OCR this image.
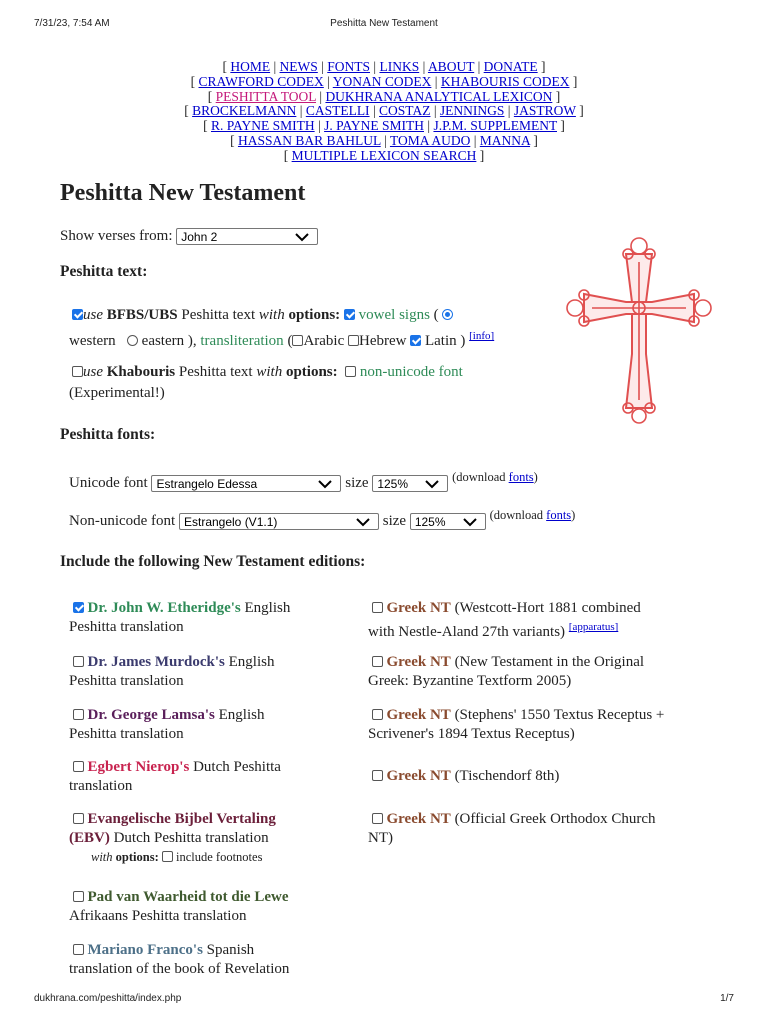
7/31/23, 7:54 AM	Peshitta New Testament
[ HOME | NEWS | FONTS | LINKS | ABOUT | DONATE ]
[ CRAWFORD CODEX | YONAN CODEX | KHABOURIS CODEX ]
[ PESHITTA TOOL | DUKHRANA ANALYTICAL LEXICON ]
[ BROCKELMANN | CASTELLI | COSTAZ | JENNINGS | JASTROW ]
[ R. PAYNE SMITH | J. PAYNE SMITH | J.P.M. SUPPLEMENT ]
[ HASSAN BAR BAHLUL | TOMA AUDO | MANNA ]
[ MULTIPLE LEXICON SEARCH ]
Peshitta New Testament
Show verses from: John 2
Peshitta text:
use BFBS/UBS Peshitta text with options: vowel signs (
western eastern ), transliteration ( Arabic Hebrew Latin ) [info]
use Khabouris Peshitta text with options: non-unicode font
(Experimental!)
Peshitta fonts:
Unicode font Estrangelo Edessa	size 125%
$^{(download fonts)}$
Non-unicode font Estrangelo (V1.1)	size 125%
$^{(download fonts)}$
Include the following New Testament editions:
Dr. John W. Etheridge's English
Peshitta translation
Dr. James Murdock's English
Peshitta translation
Dr. George Lamsa's English
Peshitta translation
Egbert Nierop's Dutch Peshitta
translation
Evangelische Bijbel Vertaling
(EBV) Dutch Peshitta translation
with options: include footnotes
Pad van Waarheid tot die Lewe
Afrikaans Peshitta translation
Mariano Franco's Spanish
translation of the book of Revelation
Greek NT (Westcott-Hort 1881 combined
with Nestle-Aland 27th variants) [apparatus]
Greek NT (New Testament in the Original
Greek: Byzantine Textform 2005)
Greek NT (Stephens' 1550 Textus Receptus +
Scrivener's 1894 Textus Receptus)
Greek NT (Tischendorf 8th)
Greek NT (Official Greek Orthodox Church
NT)
dukhrana.com/peshitta/index.php	1/7
